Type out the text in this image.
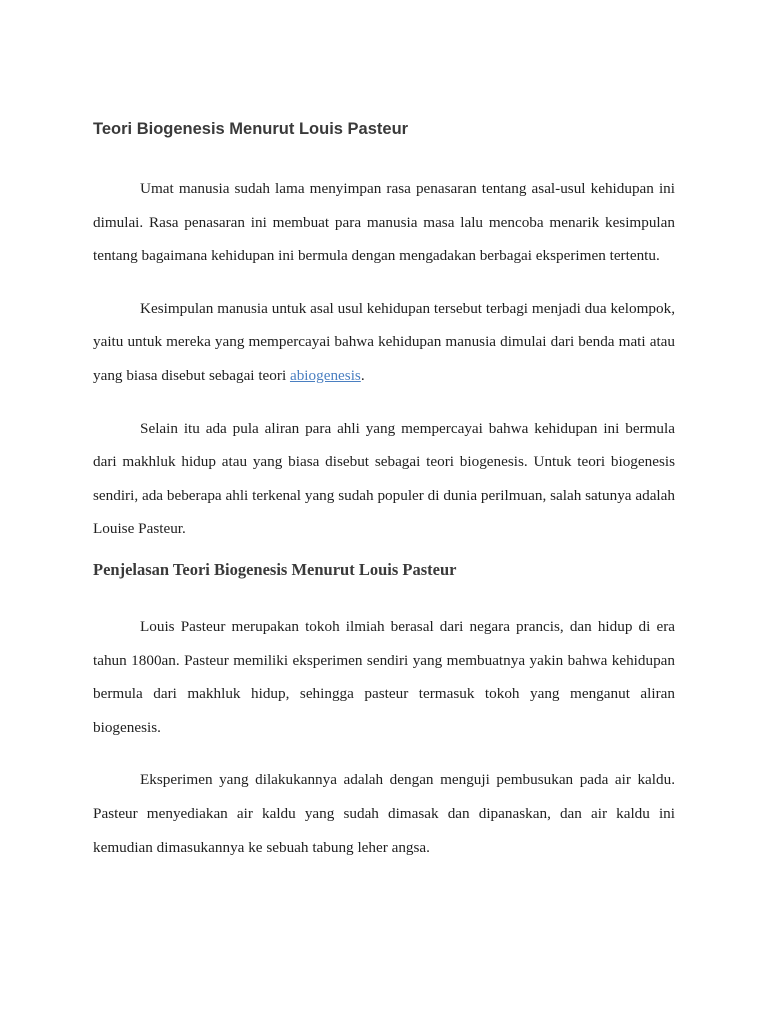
Teori Biogenesis Menurut Louis Pasteur

Umat manusia sudah lama menyimpan rasa penasaran tentang asal-usul kehidupan ini dimulai. Rasa penasaran ini membuat para manusia masa lalu mencoba menarik kesimpulan tentang bagaimana kehidupan ini bermula dengan mengadakan berbagai eksperimen tertentu.

Kesimpulan manusia untuk asal usul kehidupan tersebut terbagi menjadi dua kelompok, yaitu untuk mereka yang mempercayai bahwa kehidupan manusia dimulai dari benda mati atau yang biasa disebut sebagai teori abiogenesis.

Selain itu ada pula aliran para ahli yang mempercayai bahwa kehidupan ini bermula dari makhluk hidup atau yang biasa disebut sebagai teori biogenesis. Untuk teori biogenesis sendiri, ada beberapa ahli terkenal yang sudah populer di dunia perilmuan, salah satunya adalah Louise Pasteur.

Penjelasan Teori Biogenesis Menurut Louis Pasteur

Louis Pasteur merupakan tokoh ilmiah berasal dari negara prancis, dan hidup di era tahun 1800an. Pasteur memiliki eksperimen sendiri yang membuatnya yakin bahwa kehidupan bermula dari makhluk hidup, sehingga pasteur termasuk tokoh yang menganut aliran biogenesis.

Eksperimen yang dilakukannya adalah dengan menguji pembusukan pada air kaldu. Pasteur menyediakan air kaldu yang sudah dimasak dan dipanaskan, dan air kaldu ini kemudian dimasukannya ke sebuah tabung leher angsa.
